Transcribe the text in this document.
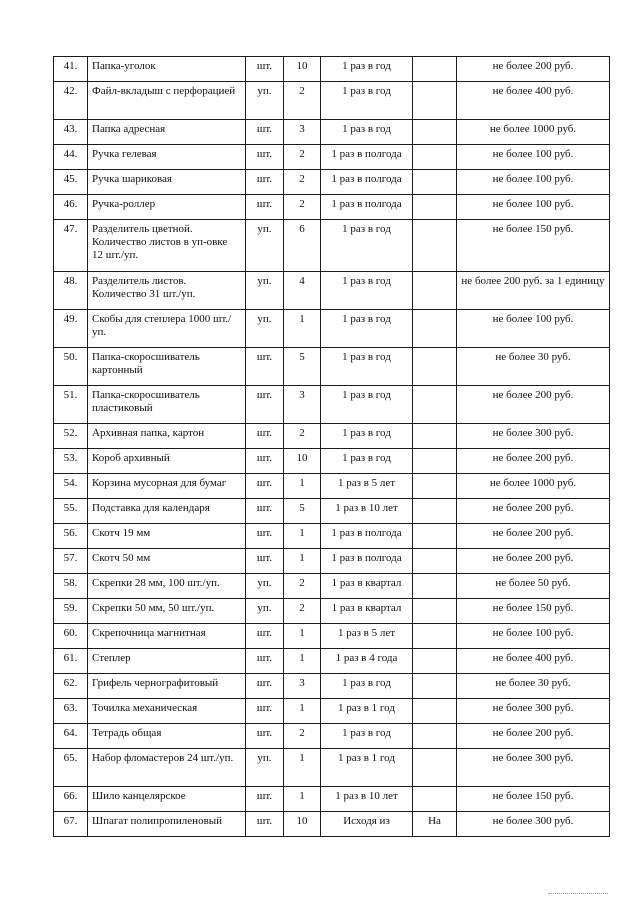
41.	Папка-уголок	шт.	10	1 раз в год		не более 200 руб.
42.	Файл-вкладыш с перфорацией	уп.	2	1 раз в год		не более 400 руб.
43.	Папка адресная	шт.	3	1 раз в год		не более 1000 руб.
44.	Ручка гелевая	шт.	2	1 раз в полгода		не более 100 руб.
45.	Ручка шариковая	шт.	2	1 раз в полгода		не более 100 руб.
46.	Ручка-роллер	шт.	2	1 раз в полгода		не более 100 руб.
47.	Разделитель цветной. Количество листов в уп-овке 12 шт./уп.	уп.	6	1 раз в год		не более 150 руб.
48.	Разделитель листов. Количество 31 шт./уп.	уп.	4	1 раз в год		не более 200 руб. за 1 единицу
49.	Скобы для степлера 1000 шт./уп.	уп.	1	1 раз в год		не более 100 руб.
50.	Папка-скоросшиватель картонный	шт.	5	1 раз в год		не более 30 руб.
51.	Папка-скоросшиватель пластиковый	шт.	3	1 раз в год		не более 200 руб.
52.	Архивная папка, картон	шт.	2	1 раз в год		не более 300 руб.
53.	Короб архивный	шт.	10	1 раз в год		не более 200 руб.
54.	Корзина мусорная для бумаг	шт.	1	1 раз в 5 лет		не более 1000 руб.
55.	Подставка для календаря	шт.	5	1 раз в 10 лет		не более 200 руб.
56.	Скотч 19 мм	шт.	1	1 раз в полгода		не более 200 руб.
57.	Скотч 50 мм	шт.	1	1 раз в полгода		не более 200 руб.
58.	Скрепки 28 мм, 100 шт./уп.	уп.	2	1 раз в квартал		не более 50 руб.
59.	Скрепки 50 мм, 50 шт./уп.	уп.	2	1 раз в квартал		не более 150 руб.
60.	Скрепочница магнитная	шт.	1	1 раз в 5 лет		не более 100 руб.
61.	Степлер	шт.	1	1 раз в 4 года		не более 400 руб.
62.	Грифель чернографитовый	шт.	3	1 раз в год		не более 30 руб.
63.	Точилка механическая	шт.	1	1 раз в 1 год		не более 300 руб.
64.	Тетрадь общая	шт.	2	1 раз в год		не более 200 руб.
65.	Набор фломастеров 24 шт./уп.	уп.	1	1 раз в 1 год		не более 300 руб.
66.	Шило канцелярское	шт.	1	1 раз в 10 лет		не более 150 руб.
67.	Шпагат полипропиленовый	шт.	10	Исходя из	На	не более 300 руб.
